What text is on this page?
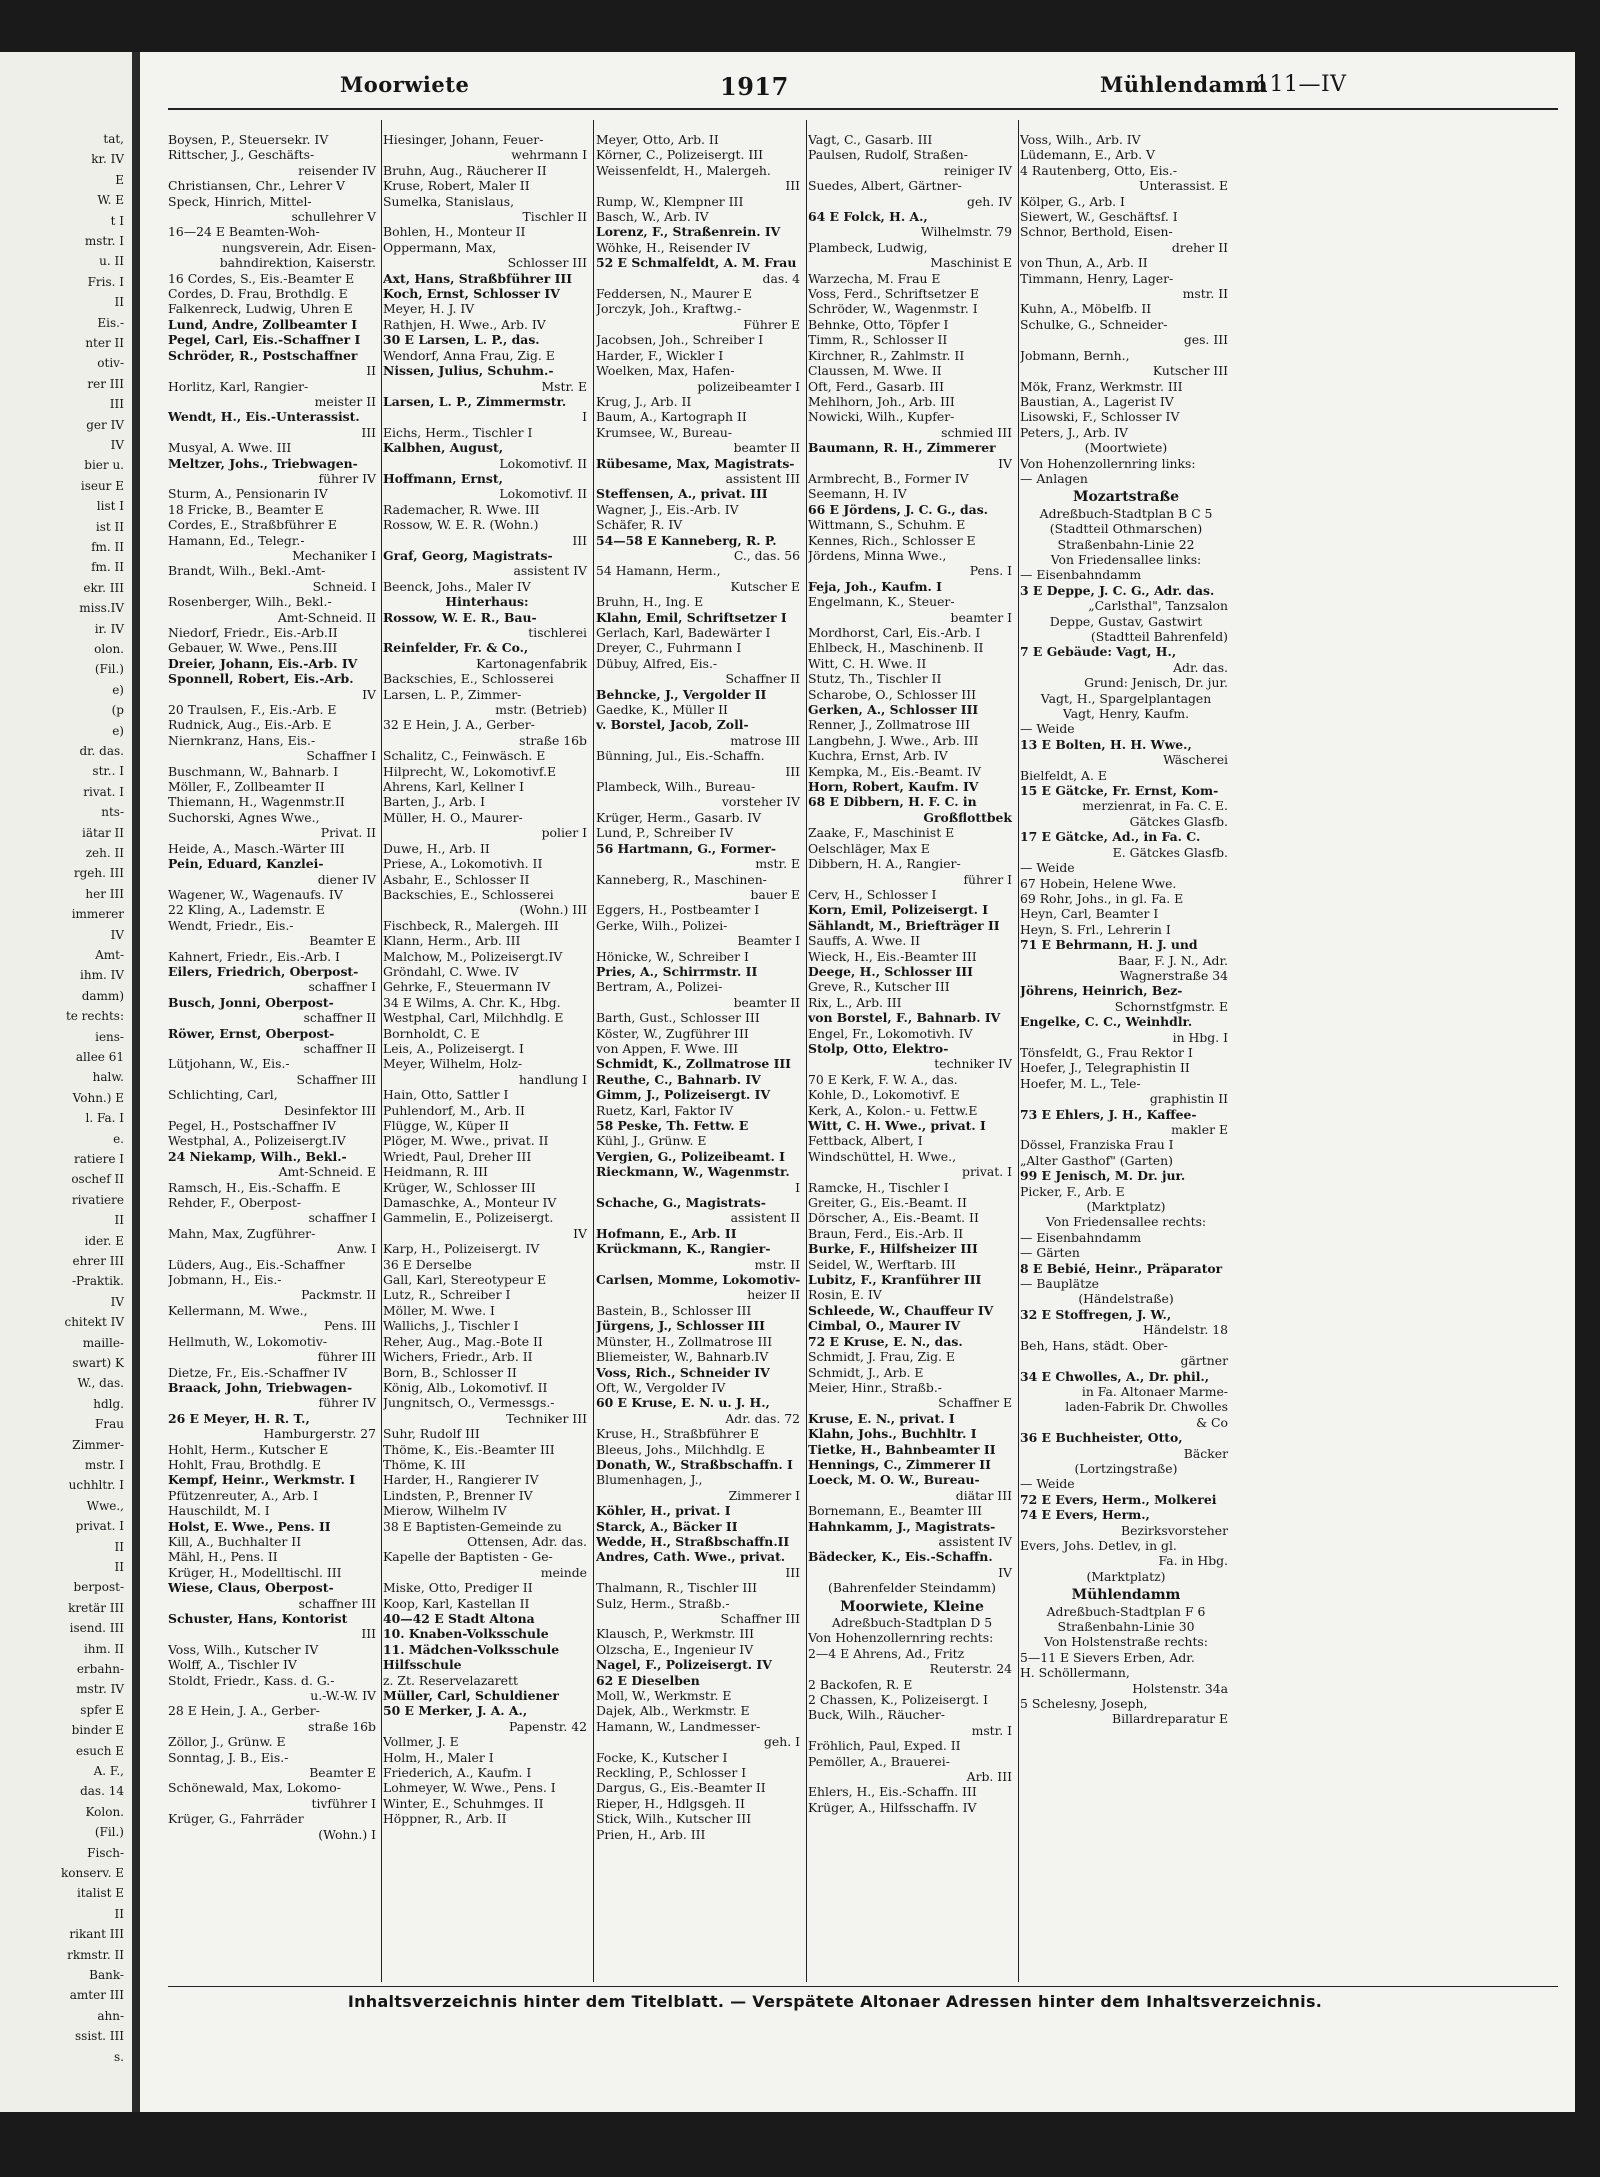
tat,
kr. IV
E
W. E
t I
mstr. I
u. II
Fris. I
II
Eis.-
nter II
otiv-
rer III
III
ger IV
IV
bier u.
iseur E
list I
ist II
fm. II
fm. II
ekr. III
miss.IV
ir. IV
olon.
(Fil.)
e)
(p
e)
dr. das.
str.. I
rivat. I
nts-
iätar II
zeh. II
rgeh. III
her III
immerer
IV
Amt-
ihm. IV
damm)
te rechts:
iens-
allee 61
halw.
Vohn.) E
l. Fa. I
e.
ratiere I
oschef II
rivatiere
II
ider. E
ehrer III
-Praktik.
IV
chitekt IV
maille-
swart) K
W., das.
hdlg.
Frau
Zimmer-
mstr. I
uchhltr. I
Wwe.,
privat. I
II
II
berpost-
kretär III
isend. III
ihm. II
erbahn-
mstr. IV
spfer E
binder E
esuch E
A. F.,
das. 14
Kolon.
(Fil.)
Fisch-
konserv. E
italist E
II
rikant III
rkmstr. II
Bank-
amter III
ahn-
ssist. III
s.
Moorwiete	1917	Mühlendamm
111—IV
Boysen, P., Steuersekr. IV
Rittscher, J., Geschäfts-
reisender IV
Christiansen, Chr., Lehrer V
Speck, Hinrich, Mittel-
schullehrer V
16—24 E Beamten-Woh-
nungsverein, Adr. Eisen-
bahndirektion, Kaiserstr.
16 Cordes, S., Eis.-Beamter E
Cordes, D. Frau, Brothdlg. E
Falkenreck, Ludwig, Uhren E
Lund, Andre, Zollbeamter I
Pegel, Carl, Eis.-Schaffner I
Schröder, R., Postschaffner
II
Horlitz, Karl, Rangier-
meister II
Wendt, H., Eis.-Unterassist.
III
Musyal, A. Wwe. III
Meltzer, Johs., Triebwagen-
führer IV
Sturm, A., Pensionarin IV
18 Fricke, B., Beamter E
Cordes, E., Straßbführer E
Hamann, Ed., Telegr.-
Mechaniker I
Brandt, Wilh., Bekl.-Amt-
Schneid. I
Rosenberger, Wilh., Bekl.-
Amt-Schneid. II
Niedorf, Friedr., Eis.-Arb.II
Gebauer, W. Wwe., Pens.III
Dreier, Johann, Eis.-Arb. IV
Sponnell, Robert, Eis.-Arb.
IV
20 Traulsen, F., Eis.-Arb. E
Rudnick, Aug., Eis.-Arb. E
Niernkranz, Hans, Eis.-
Schaffner I
Buschmann, W., Bahnarb. I
Möller, F., Zollbeamter II
Thiemann, H., Wagenmstr.II
Suchorski, Agnes Wwe.,
Privat. II
Heide, A., Masch.-Wärter III
Pein, Eduard, Kanzlei-
diener IV
Wagener, W., Wagenaufs. IV
22 Kling, A., Lademstr. E
Wendt, Friedr., Eis.-
Beamter E
Kahnert, Friedr., Eis.-Arb. I
Eilers, Friedrich, Oberpost-
schaffner I
Busch, Jonni, Oberpost-
schaffner II
Röwer, Ernst, Oberpost-
schaffner II
Lütjohann, W., Eis.-
Schaffner III
Schlichting, Carl,
Desinfektor III
Pegel, H., Postschaffner IV
Westphal, A., Polizeisergt.IV
24 Niekamp, Wilh., Bekl.-
Amt-Schneid. E
Ramsch, H., Eis.-Schaffn. E
Rehder, F., Oberpost-
schaffner I
Mahn, Max, Zugführer-
Anw. I
Lüders, Aug., Eis.-Schaffner
Jobmann, H., Eis.-
Packmstr. II
Kellermann, M. Wwe.,
Pens. III
Hellmuth, W., Lokomotiv-
führer III
Dietze, Fr., Eis.-Schaffner IV
Braack, John, Triebwagen-
führer IV
26 E Meyer, H. R. T.,
Hamburgerstr. 27
Hohlt, Herm., Kutscher E
Hohlt, Frau, Brothdlg. E
Kempf, Heinr., Werkmstr. I
Pfützenreuter, A., Arb. I
Hauschildt, M. I
Holst, E. Wwe., Pens. II
Kill, A., Buchhalter II
Mähl, H., Pens. II
Krüger, H., Modelltischl. III
Wiese, Claus, Oberpost-
schaffner III
Schuster, Hans, Kontorist
III
Voss, Wilh., Kutscher IV
Wolff, A., Tischler IV
Stoldt, Friedr., Kass. d. G.-
u.-W.-W. IV
28 E Hein, J. A., Gerber-
straße 16b
Zöllor, J., Grünw. E
Sonntag, J. B., Eis.-
Beamter E
Schönewald, Max, Lokomo-
tivführer I
Krüger, G., Fahrräder
(Wohn.) I
Hiesinger, Johann, Feuer-
wehrmann I
Bruhn, Aug., Räucherer II
Kruse, Robert, Maler II
Sumelka, Stanislaus,
Tischler II
Bohlen, H., Monteur II
Oppermann, Max,
Schlosser III
Axt, Hans, Straßbführer III
Koch, Ernst, Schlosser IV
Meyer, H. J. IV
Rathjen, H. Wwe., Arb. IV
30 E Larsen, L. P., das.
Wendorf, Anna Frau, Zig. E
Nissen, Julius, Schuhm.-
Mstr. E
Larsen, L. P., Zimmermstr.
I
Eichs, Herm., Tischler I
Kalbhen, August,
Lokomotivf. II
Hoffmann, Ernst,
Lokomotivf. II
Rademacher, R. Wwe. III
Rossow, W. E. R. (Wohn.)
III
Graf, Georg, Magistrats-
assistent IV
Beenck, Johs., Maler IV
Hinterhaus:
Rossow, W. E. R., Bau-
tischlerei
Reinfelder, Fr. & Co.,
Kartonagenfabrik
Backschies, E., Schlosserei
Larsen, L. P., Zimmer-
mstr. (Betrieb)
32 E Hein, J. A., Gerber-
straße 16b
Schalitz, C., Feinwäsch. E
Hilprecht, W., Lokomotivf.E
Ahrens, Karl, Kellner I
Barten, J., Arb. I
Müller, H. O., Maurer-
polier I
Duwe, H., Arb. II
Priese, A., Lokomotivh. II
Asbahr, E., Schlosser II
Backschies, E., Schlosserei
(Wohn.) III
Fischbeck, R., Malergeh. III
Klann, Herm., Arb. III
Malchow, M., Polizeisergt.IV
Gröndahl, C. Wwe. IV
Gehrke, F., Steuermann IV
34 E Wilms, A. Chr. K., Hbg.
Westphal, Carl, Milchhdlg. E
Bornholdt, C. E
Leis, A., Polizeisergt. I
Meyer, Wilhelm, Holz-
handlung I
Hain, Otto, Sattler I
Puhlendorf, M., Arb. II
Flügge, W., Küper II
Plöger, M. Wwe., privat. II
Wriedt, Paul, Dreher III
Heidmann, R. III
Krüger, W., Schlosser III
Damaschke, A., Monteur IV
Gammelin, E., Polizeisergt.
IV
Karp, H., Polizeisergt. IV
36 E Derselbe
Gall, Karl, Stereotypeur E
Lutz, R., Schreiber I
Möller, M. Wwe. I
Wallichs, J., Tischler I
Reher, Aug., Mag.-Bote II
Wichers, Friedr., Arb. II
Born, B., Schlosser II
König, Alb., Lokomotivf. II
Jungnitsch, O., Vermessgs.-
Techniker III
Suhr, Rudolf III
Thöme, K., Eis.-Beamter III
Thöme, K. III
Harder, H., Rangierer IV
Lindsten, P., Brenner IV
Mierow, Wilhelm IV
38 E Baptisten-Gemeinde zu
Ottensen, Adr. das.
Kapelle der Baptisten - Ge-
meinde
Miske, Otto, Prediger II
Koop, Karl, Kastellan II
40—42 E Stadt Altona
10. Knaben-Volksschule
11. Mädchen-Volksschule
Hilfsschule
z. Zt. Reservelazarett
Müller, Carl, Schuldiener
50 E Merker, J. A. A.,
Papenstr. 42
Vollmer, J. E
Holm, H., Maler I
Friederich, A., Kaufm. I
Lohmeyer, W. Wwe., Pens. I
Winter, E., Schuhmges. II
Höppner, R., Arb. II
Meyer, Otto, Arb. II
Körner, C., Polizeisergt. III
Weissenfeldt, H., Malergeh.
III
Rump, W., Klempner III
Basch, W., Arb. IV
Lorenz, F., Straßenrein. IV
Wöhke, H., Reisender IV
52 E Schmalfeldt, A. M. Frau
das. 4
Feddersen, N., Maurer E
Jorczyk, Joh., Kraftwg.-
Führer E
Jacobsen, Joh., Schreiber I
Harder, F., Wickler I
Woelken, Max, Hafen-
polizeibeamter I
Krug, J., Arb. II
Baum, A., Kartograph II
Krumsee, W., Bureau-
beamter II
Rübesame, Max, Magistrats-
assistent III
Steffensen, A., privat. III
Wagner, J., Eis.-Arb. IV
Schäfer, R. IV
54—58 E Kanneberg, R. P.
C., das. 56
54 Hamann, Herm.,
Kutscher E
Bruhn, H., Ing. E
Klahn, Emil, Schriftsetzer I
Gerlach, Karl, Badewärter I
Dreyer, C., Fuhrmann I
Dübuy, Alfred, Eis.-
Schaffner II
Behncke, J., Vergolder II
Gaedke, K., Müller II
v. Borstel, Jacob, Zoll-
matrose III
Bünning, Jul., Eis.-Schaffn.
III
Plambeck, Wilh., Bureau-
vorsteher IV
Krüger, Herm., Gasarb. IV
Lund, P., Schreiber IV
56 Hartmann, G., Former-
mstr. E
Kanneberg, R., Maschinen-
bauer E
Eggers, H., Postbeamter I
Gerke, Wilh., Polizei-
Beamter I
Hönicke, W., Schreiber I
Pries, A., Schirrmstr. II
Bertram, A., Polizei-
beamter II
Barth, Gust., Schlosser III
Köster, W., Zugführer III
von Appen, F. Wwe. III
Schmidt, K., Zollmatrose III
Reuthe, C., Bahnarb. IV
Gimm, J., Polizeisergt. IV
Ruetz, Karl, Faktor IV
58 Peske, Th. Fettw. E
Kühl, J., Grünw. E
Vergien, G., Polizeibeamt. I
Rieckmann, W., Wagenmstr.
I
Schache, G., Magistrats-
assistent II
Hofmann, E., Arb. II
Krückmann, K., Rangier-
mstr. II
Carlsen, Momme, Lokomotiv-
heizer II
Bastein, B., Schlosser III
Jürgens, J., Schlosser III
Münster, H., Zollmatrose III
Bliemeister, W., Bahnarb.IV
Voss, Rich., Schneider IV
Oft, W., Vergolder IV
60 E Kruse, E. N. u. J. H.,
Adr. das. 72
Kruse, H., Straßbführer E
Bleeus, Johs., Milchhdlg. E
Donath, W., Straßbschaffn. I
Blumenhagen, J.,
Zimmerer I
Köhler, H., privat. I
Starck, A., Bäcker II
Wedde, H., Straßbschaffn.II
Andres, Cath. Wwe., privat.
III
Thalmann, R., Tischler III
Sulz, Herm., Straßb.-
Schaffner III
Klausch, P., Werkmstr. III
Olzscha, E., Ingenieur IV
Nagel, F., Polizeisergt. IV
62 E Dieselben
Moll, W., Werkmstr. E
Dajek, Alb., Werkmstr. E
Hamann, W., Landmesser-
geh. I
Focke, K., Kutscher I
Reckling, P., Schlosser I
Dargus, G., Eis.-Beamter II
Rieper, H., Hdlgsgeh. II
Stick, Wilh., Kutscher III
Prien, H., Arb. III
Vagt, C., Gasarb. III
Paulsen, Rudolf, Straßen-
reiniger IV
Suedes, Albert, Gärtner-
geh. IV
64 E Folck, H. A.,
Wilhelmstr. 79
Plambeck, Ludwig,
Maschinist E
Warzecha, M. Frau E
Voss, Ferd., Schriftsetzer E
Schröder, W., Wagenmstr. I
Behnke, Otto, Töpfer I
Timm, R., Schlosser II
Kirchner, R., Zahlmstr. II
Claussen, M. Wwe. II
Oft, Ferd., Gasarb. III
Mehlhorn, Joh., Arb. III
Nowicki, Wilh., Kupfer-
schmied III
Baumann, R. H., Zimmerer
IV
Armbrecht, B., Former IV
Seemann, H. IV
66 E Jördens, J. C. G., das.
Wittmann, S., Schuhm. E
Kennes, Rich., Schlosser E
Jördens, Minna Wwe.,
Pens. I
Feja, Joh., Kaufm. I
Engelmann, K., Steuer-
beamter I
Mordhorst, Carl, Eis.-Arb. I
Ehlbeck, H., Maschinenb. II
Witt, C. H. Wwe. II
Stutz, Th., Tischler II
Scharobe, O., Schlosser III
Gerken, A., Schlosser III
Renner, J., Zollmatrose III
Langbehn, J. Wwe., Arb. III
Kuchra, Ernst, Arb. IV
Kempka, M., Eis.-Beamt. IV
Horn, Robert, Kaufm. IV
68 E Dibbern, H. F. C. in
Großflottbek
Zaake, F., Maschinist E
Oelschläger, Max E
Dibbern, H. A., Rangier-
führer I
Cerv, H., Schlosser I
Korn, Emil, Polizeisergt. I
Sählandt, M., Briefträger II
Sauffs, A. Wwe. II
Wieck, H., Eis.-Beamter III
Deege, H., Schlosser III
Greve, R., Kutscher III
Rix, L., Arb. III
von Borstel, F., Bahnarb. IV
Engel, Fr., Lokomotivh. IV
Stolp, Otto, Elektro-
techniker IV
70 E Kerk, F. W. A., das.
Kohle, D., Lokomotivf. E
Kerk, A., Kolon.- u. Fettw.E
Witt, C. H. Wwe., privat. I
Fettback, Albert, I
Windschüttel, H. Wwe.,
privat. I
Ramcke, H., Tischler I
Greiter, G., Eis.-Beamt. II
Dörscher, A., Eis.-Beamt. II
Braun, Ferd., Eis.-Arb. II
Burke, F., Hilfsheizer III
Seidel, W., Werftarb. III
Lubitz, F., Kranführer III
Rosin, E. IV
Schleede, W., Chauffeur IV
Cimbal, O., Maurer IV
72 E Kruse, E. N., das.
Schmidt, J. Frau, Zig. E
Schmidt, J., Arb. E
Meier, Hinr., Straßb.-
Schaffner E
Kruse, E. N., privat. I
Klahn, Johs., Buchhltr. I
Tietke, H., Bahnbeamter II
Hennings, C., Zimmerer II
Loeck, M. O. W., Bureau-
diätar III
Bornemann, E., Beamter III
Hahnkamm, J., Magistrats-
assistent IV
Bädecker, K., Eis.-Schaffn.
IV
(Bahrenfelder Steindamm)
Moorwiete, Kleine
Adreßbuch-Stadtplan D 5
Von Hohenzollernring rechts:
2—4 E Ahrens, Ad., Fritz
Reuterstr. 24
2 Backofen, R. E
2 Chassen, K., Polizeisergt. I
Buck, Wilh., Räucher-
mstr. I
Fröhlich, Paul, Exped. II
Pemöller, A., Brauerei-
Arb. III
Ehlers, H., Eis.-Schaffn. III
Krüger, A., Hilfsschaffn. IV
Voss, Wilh., Arb. IV
Lüdemann, E., Arb. V
4 Rautenberg, Otto, Eis.-
Unterassist. E
Kölper, G., Arb. I
Siewert, W., Geschäftsf. I
Schnor, Berthold, Eisen-
dreher II
von Thun, A., Arb. II
Timmann, Henry, Lager-
mstr. II
Kuhn, A., Möbelfb. II
Schulke, G., Schneider-
ges. III
Jobmann, Bernh.,
Kutscher III
Mök, Franz, Werkmstr. III
Baustian, A., Lagerist IV
Lisowski, F., Schlosser IV
Peters, J., Arb. IV
(Moortwiete)
Von Hohenzollernring links:
— Anlagen
Mozartstraße
Adreßbuch-Stadtplan B C 5
(Stadtteil Othmarschen)
Straßenbahn-Linie 22
Von Friedensallee links:
— Eisenbahndamm
3 E Deppe, J. C. G., Adr. das.
„Carlsthal", Tanzsalon
Deppe, Gustav, Gastwirt
(Stadtteil Bahrenfeld)
7 E Gebäude: Vagt, H.,
Adr. das.
Grund: Jenisch, Dr. jur.
Vagt, H., Spargelplantagen
Vagt, Henry, Kaufm.
— Weide
13 E Bolten, H. H. Wwe.,
Wäscherei
Bielfeldt, A. E
15 E Gätcke, Fr. Ernst, Kom-
merzienrat, in Fa. C. E.
Gätckes Glasfb.
17 E Gätcke, Ad., in Fa. C.
E. Gätckes Glasfb.
— Weide
67 Hobein, Helene Wwe.
69 Rohr, Johs., in gl. Fa. E
Heyn, Carl, Beamter I
Heyn, S. Frl., Lehrerin I
71 E Behrmann, H. J. und
Baar, F. J. N., Adr.
Wagnerstraße 34
Jöhrens, Heinrich, Bez-
Schornstfgmstr. E
Engelke, C. C., Weinhdlr.
in Hbg. I
Tönsfeldt, G., Frau Rektor I
Hoefer, J., Telegraphistin II
Hoefer, M. L., Tele-
graphistin II
73 E Ehlers, J. H., Kaffee-
makler E
Dössel, Franziska Frau I
„Alter Gasthof" (Garten)
99 E Jenisch, M. Dr. jur.
Picker, F., Arb. E
(Marktplatz)
Von Friedensallee rechts:
— Eisenbahndamm
— Gärten
8 E Bebié, Heinr., Präparator
— Bauplätze
(Händelstraße)
32 E Stoffregen, J. W.,
Händelstr. 18
Beh, Hans, städt. Ober-
gärtner
34 E Chwolles, A., Dr. phil.,
in Fa. Altonaer Marme-
laden-Fabrik Dr. Chwolles
& Co
36 E Buchheister, Otto,
Bäcker
(Lortzingstraße)
— Weide
72 E Evers, Herm., Molkerei
74 E Evers, Herm.,
Bezirksvorsteher
Evers, Johs. Detlev, in gl.
Fa. in Hbg.
(Marktplatz)
Mühlendamm
Adreßbuch-Stadtplan F 6
Straßenbahn-Linie 30
Von Holstenstraße rechts:
5—11 E Sievers Erben, Adr.
H. Schöllermann,
Holstenstr. 34a
5 Schelesny, Joseph,
Billardreparatur E
Inhaltsverzeichnis hinter dem Titelblatt. — Verspätete Altonaer Adressen hinter dem Inhaltsverzeichnis.
